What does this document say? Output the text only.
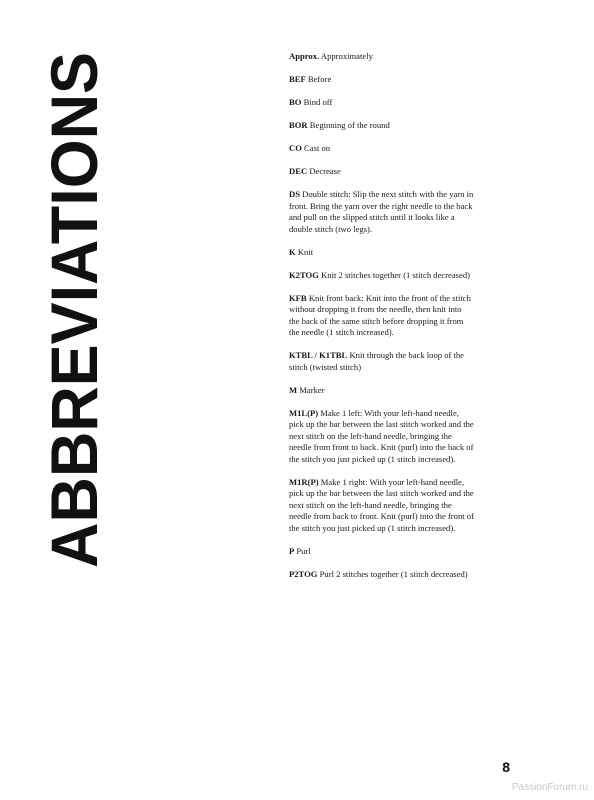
ABBREVIATIONS	Approx. Approximately

BEF Before

BO Bind off

BOR Beginning of the round

CO Cast on

DEC Decrease

DS Double stitch: Slip the next stitch with the yarn in front. Bring the yarn over the right needle to the back and pull on the slipped stitch until it looks like a double stitch (two legs).

K Knit

K2TOG Knit 2 stitches together (1 stitch decreased)

KFB Knit front back: Knit into the front of the stitch without dropping it from the needle, then knit into the back of the same stitch before dropping it from the needle (1 stitch increased).

KTBL / K1TBL Knit through the back loop of the stitch (twisted stitch)

M Marker

M1L(P) Make 1 left: With your left-hand needle, pick up the bar between the last stitch worked and the next stitch on the left-hand needle, bringing the needle from front to back. Knit (purl) into the back of the stitch you just picked up (1 stitch increased).

M1R(P) Make 1 right: With your left-hand needle, pick up the bar between the last stitch worked and the next stitch on the left-hand needle, bringing the needle from back to front. Knit (purl) into the front of the stitch you just picked up (1 stitch increased).

P Purl

P2TOG Purl 2 stitches together (1 stitch decreased)

8
PassionForum.ru
